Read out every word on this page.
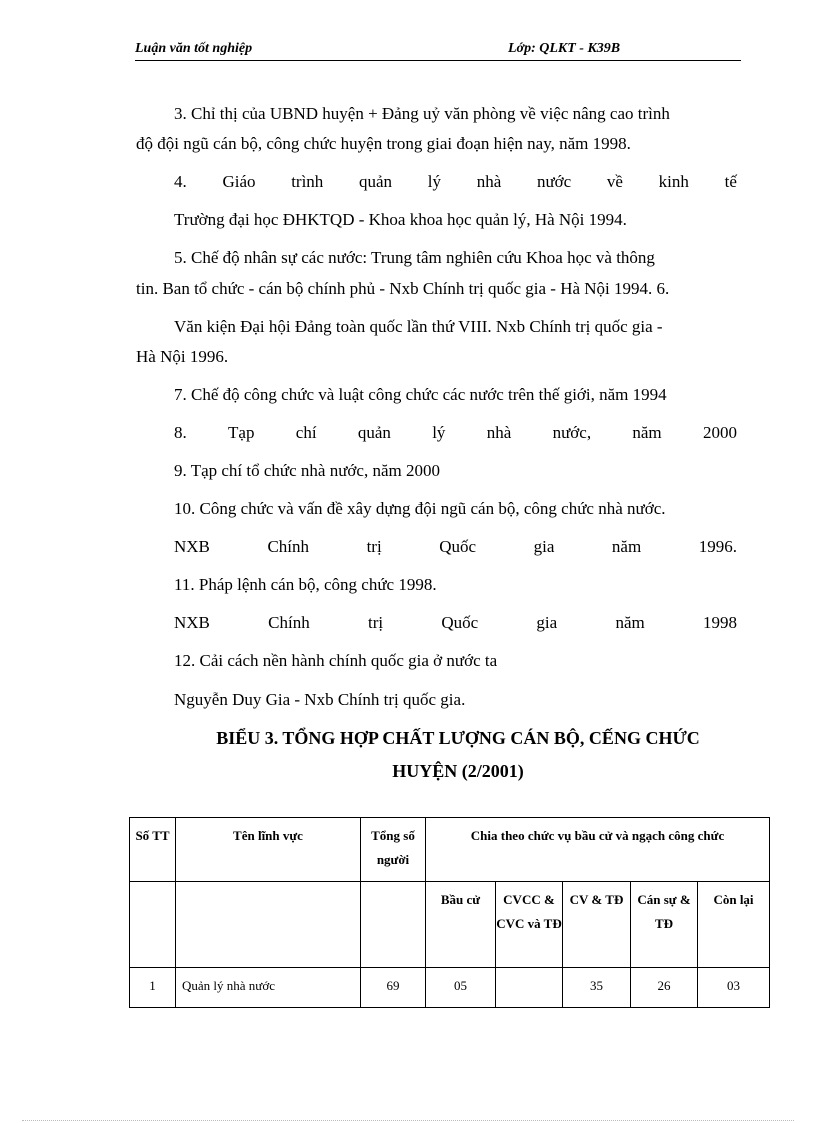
Luận văn tốt nghiệp	Lớp: QLKT - K39B
3. Chỉ thị của UBND huyện + Đảng uỷ văn phòng về việc nâng cao trình
độ đội ngũ cán bộ, công chức huyện trong giai đoạn hiện nay, năm 1998.
4. Giáo trình quản lý nhà nước về kinh tế
Trường đại học ĐHKTQD - Khoa khoa học quản lý, Hà Nội 1994.
5. Chế độ nhân sự các nước: Trung tâm nghiên cứu Khoa học và thông
tin. Ban tổ chức - cán bộ chính phủ - Nxb Chính trị quốc gia - Hà Nội 1994. 6.
Văn kiện Đại hội Đảng toàn quốc lần thứ VIII. Nxb Chính trị quốc gia -
Hà Nội 1996.
7. Chế độ công chức và luật công chức các nước trên thế giới, năm 1994
8. Tạp chí quản lý nhà nước, năm 2000
9. Tạp chí tổ chức nhà nước, năm 2000
10. Công chức và vấn đề xây dựng đội ngũ cán bộ, công chức nhà nước.
NXB	Chính	trị	Quốc	gia	năm	1996.
11. Pháp lệnh cán bộ, công chức 1998.
NXB	Chính	trị	Quốc	gia	năm	1998
12. Cải cách nền hành chính quốc gia ở nước ta
Nguyễn Duy Gia - Nxb Chính trị quốc gia.
BIỂU 3. TỔNG HỢP CHẤT LƯỢNG CÁN BỘ, CẾNG CHỨC
HUYỆN (2/2001)
Số TT	Tên lĩnh vực	Tổng số người	Chia theo chức vụ bầu cử và ngạch công chức				
			Bầu cử	CVCC & CVC và TĐ	CV & TĐ	Cán sự & TĐ	Còn lại
1	Quản lý nhà nước	69	05		35	26	03
